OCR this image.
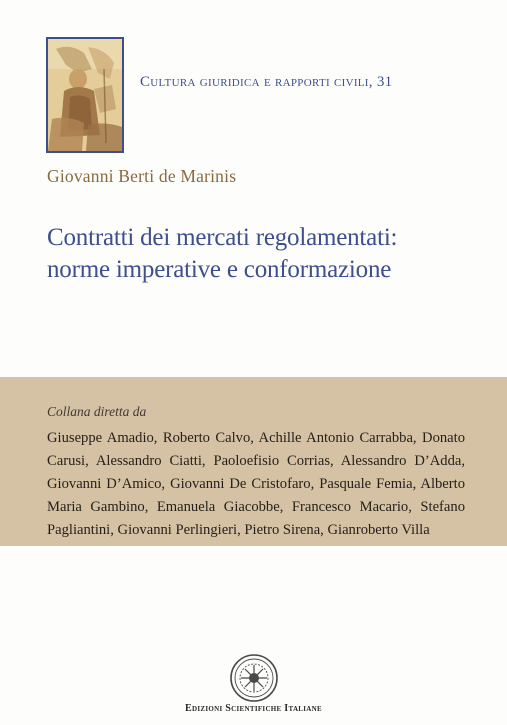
Cultura giuridica e rapporti civili, 31
Giovanni Berti de Marinis
Contratti dei mercati regolamentati:
norme imperative e conformazione
Collana diretta da
Giuseppe Amadio, Roberto Calvo, Achille Antonio Carrabba, Donato Carusi, Alessandro Ciatti, Paoloefisio Corrias, Alessandro D’Adda, Giovanni D’Amico, Giovanni De Cristofaro, Pasquale Femia, Alberto Maria Gambino, Emanuela Giacobbe, Francesco Macario, Stefano Pagliantini, Giovanni Perlingieri, Pietro Sirena, Gianroberto Villa
Edizioni Scientifiche Italiane
